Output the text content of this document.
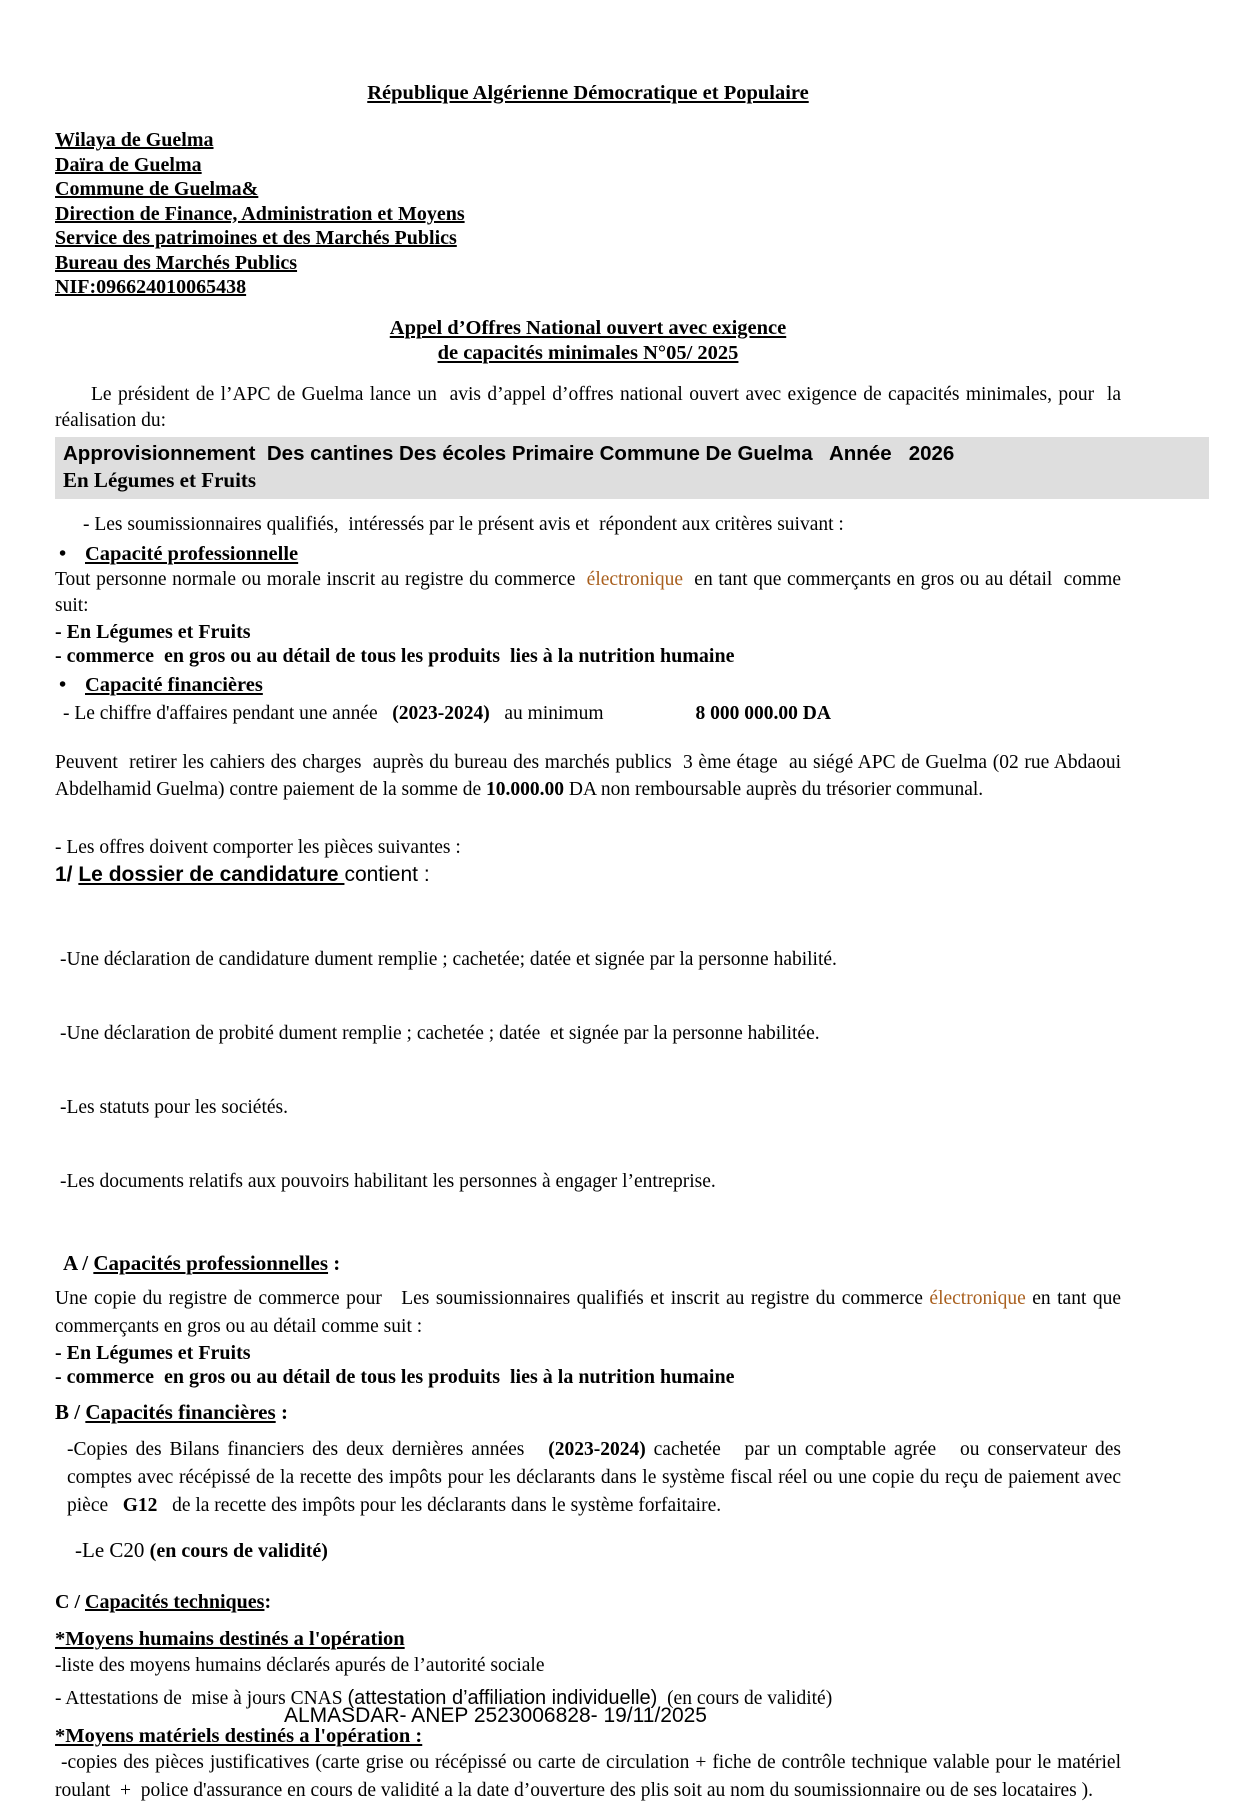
République Algérienne Démocratique et Populaire

Wilaya de Guelma

Daïra de Guelma

Commune de Guelma&

Direction de Finance, Administration et Moyens

Service des patrimoines et des Marchés Publics

Bureau des Marchés Publics

NIF:096624010065438

Appel d’Offres National ouvert avec exigence

de capacités minimales N°05/ 2025

Le président de l’APC de Guelma lance un  avis d’appel d’offres national ouvert avec exigence de capacités minimales, pour  la réalisation du:

Approvisionnement  Des cantines Des écoles Primaire Commune De Guelma   Année   2026

En Légumes et Fruits

- Les soumissionnaires qualifiés,  intéressés par le présent avis et  répondent aux critères suivant :

•Capacité professionnelle

Tout personne normale ou morale inscrit au registre du commerce  électronique  en tant que commerçants en gros ou au détail  comme suit:

- En Légumes et Fruits

- commerce  en gros ou au détail de tous les produits  lies à la nutrition humaine

•Capacité financières

- Le chiffre d'affaires pendant une année   (2023-2024)   au minimum	8 000 000.00 DA

Peuvent  retirer les cahiers des charges  auprès du bureau des marchés publics  3 ème étage  au siégé APC de Guelma (02 rue Abdaoui Abdelhamid Guelma) contre paiement de la somme de 10.000.00 DA non remboursable auprès du trésorier communal.

- Les offres doivent comporter les pièces suivantes :

1/ Le dossier de candidature contient :

-Une déclaration de candidature dument remplie ; cachetée; datée et signée par la personne habilité.

-Une déclaration de probité dument remplie ; cachetée ; datée  et signée par la personne habilitée.

-Les statuts pour les sociétés.

-Les documents relatifs aux pouvoirs habilitant les personnes à engager l’entreprise.

A / Capacités professionnelles :

Une copie du registre de commerce pour   Les soumissionnaires qualifiés et inscrit au registre du commerce électronique en tant que commerçants en gros ou au détail comme suit :

- En Légumes et Fruits

- commerce  en gros ou au détail de tous les produits  lies à la nutrition humaine

B / Capacités financières :

-Copies des Bilans financiers des deux dernières années   (2023-2024) cachetée   par un comptable agrée   ou conservateur des comptes avec récépissé de la recette des impôts pour les déclarants dans le système fiscal réel ou une copie du reçu de paiement avec pièce   G12   de la recette des impôts pour les déclarants dans le système forfaitaire.

-Le C20 (en cours de validité)

C / Capacités techniques:

*Moyens humains destinés a l'opération

-liste des moyens humains déclarés apurés de l’autorité sociale

- Attestations de  mise à jours CNAS (attestation d’affiliation individuelle)  (en cours de validité)

*Moyens matériels destinés a l'opération :

-copies des pièces justificatives (carte grise ou récépissé ou carte de circulation + fiche de contrôle technique valable pour le matériel  roulant  +  police d'assurance en cours de validité a la date d’ouverture des plis soit au nom du soumissionnaire ou de ses locataires ).

ALMASDAR- ANEP 2523006828- 19/11/2025
